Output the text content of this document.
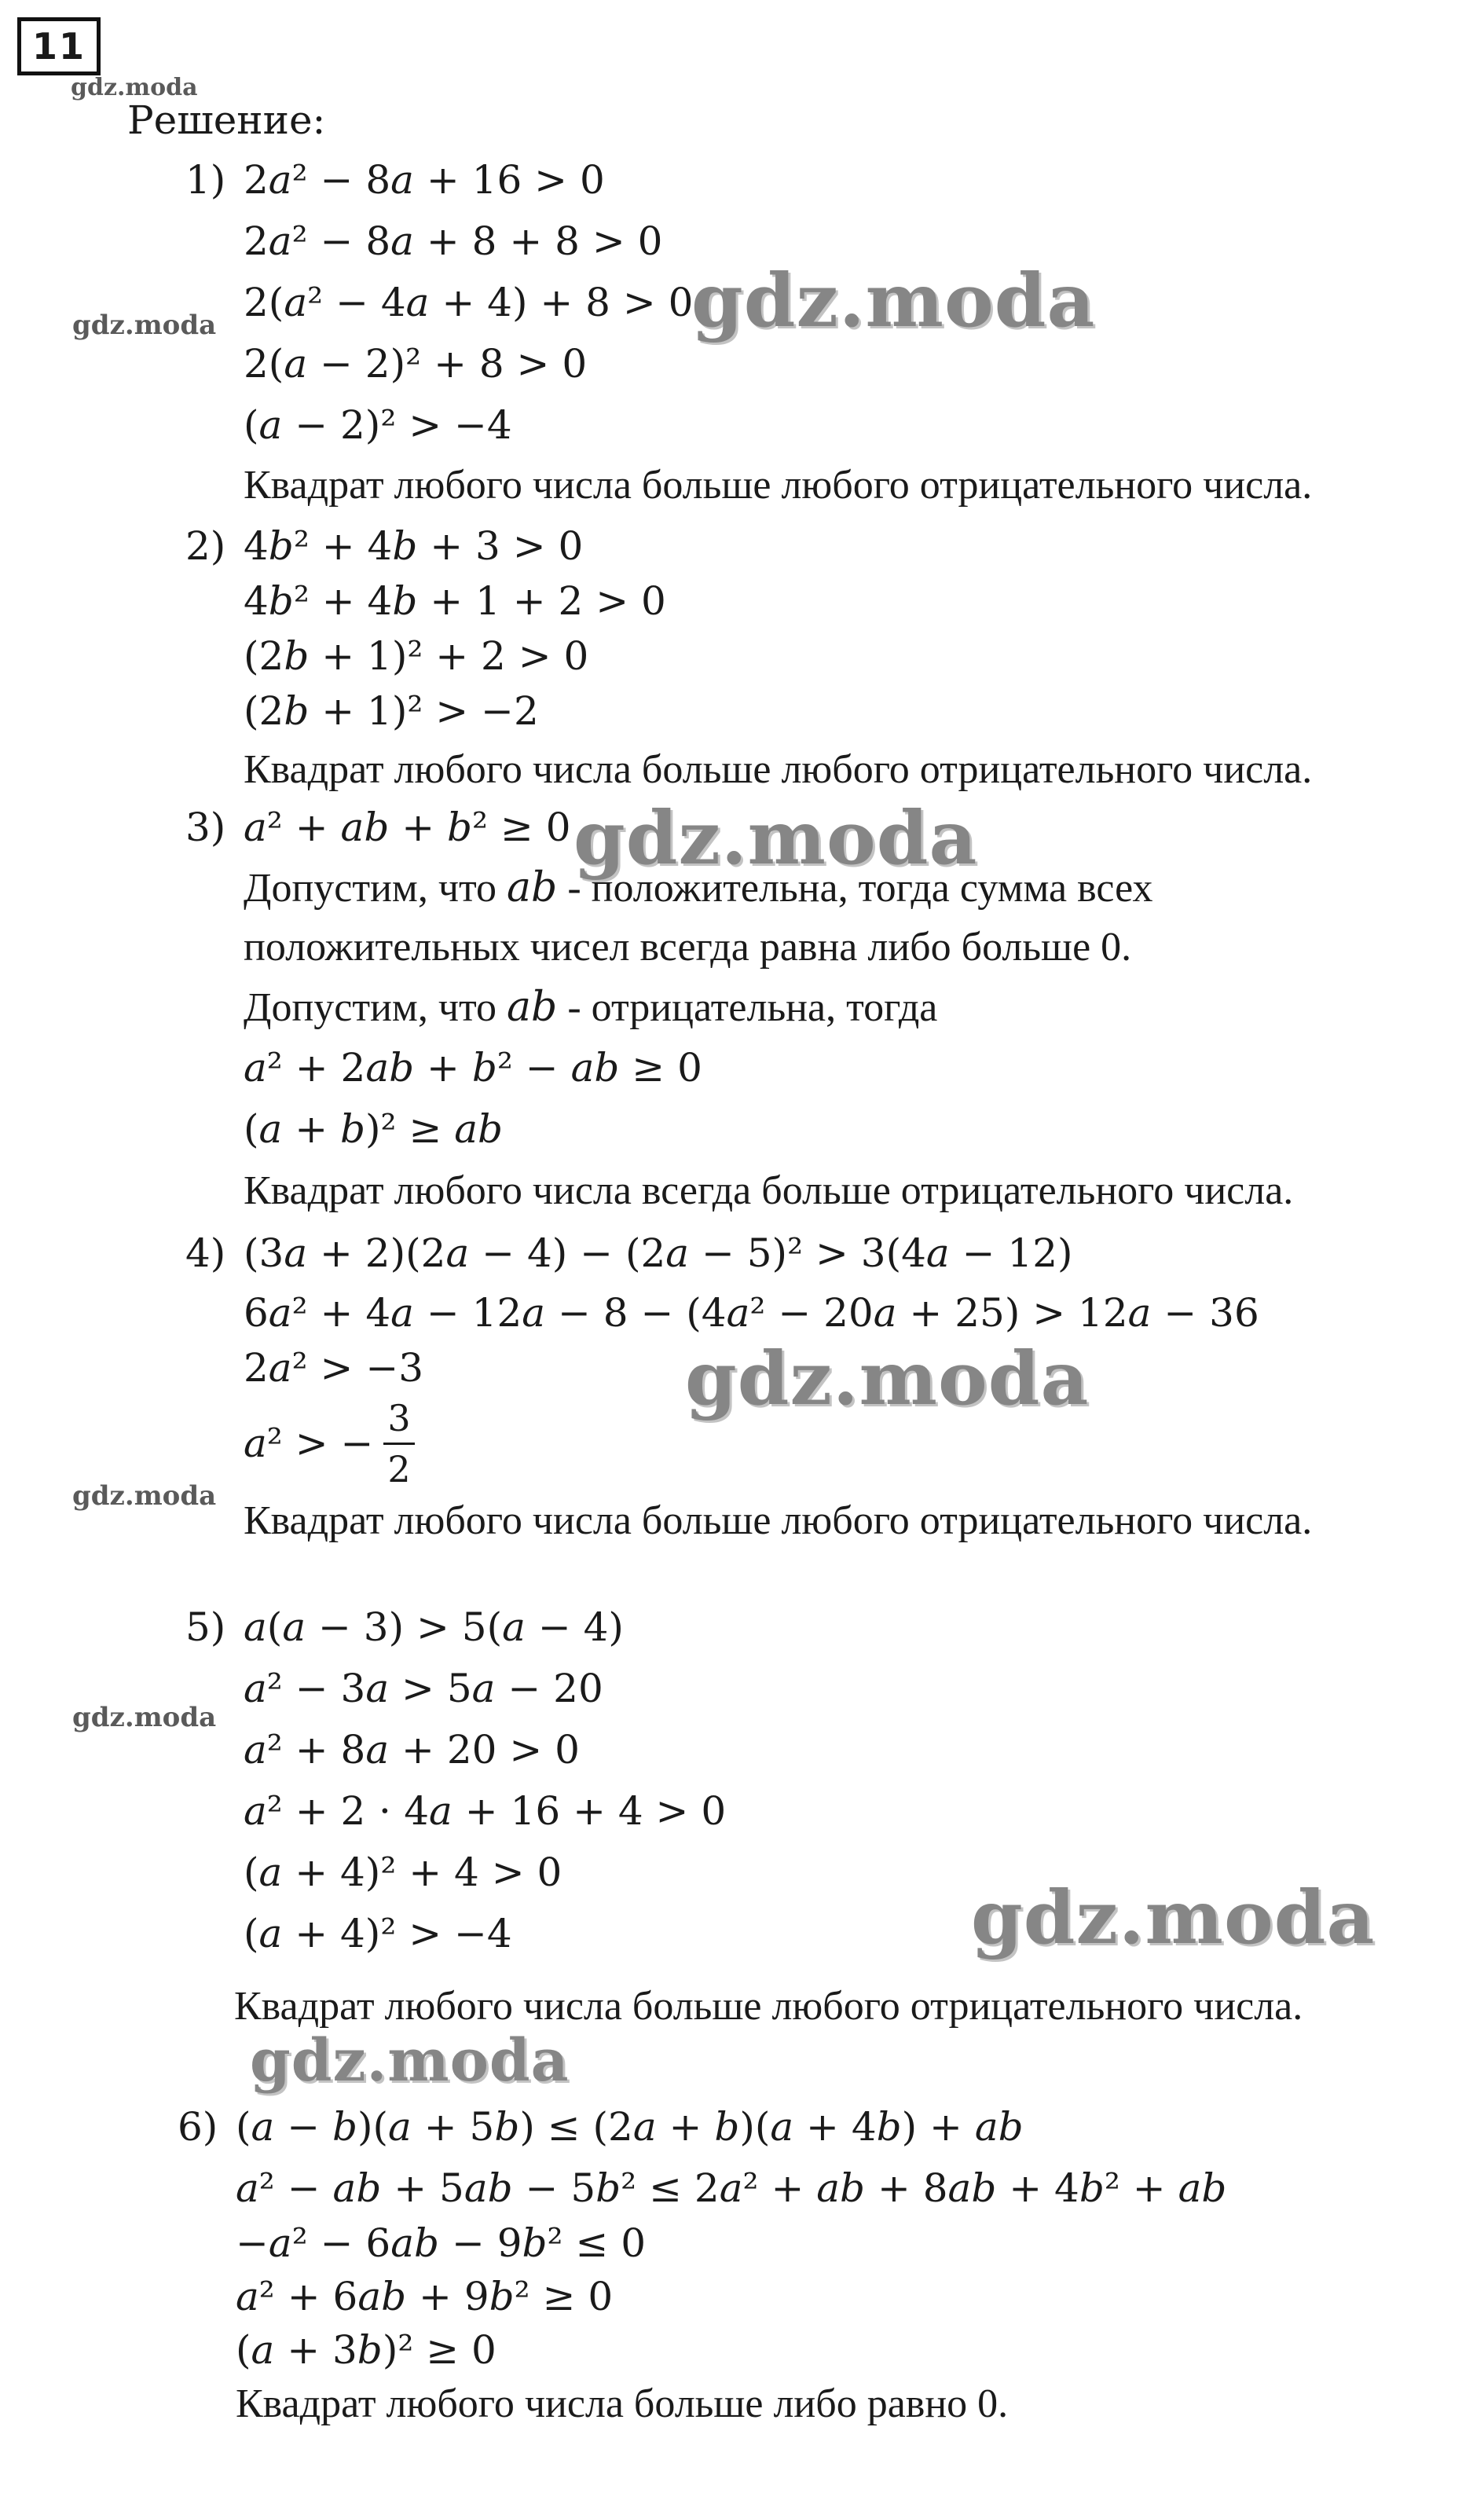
11
gdz.moda
Решение:
1) 2𝑎² − 8𝑎 + 16 > 0
2𝑎² − 8𝑎 + 8 + 8 > 0
2(𝑎² − 4𝑎 + 4) + 8 > 0
2(𝑎 − 2)² + 8 > 0
(𝑎 − 2)² > −4
Квадрат любого числа больше любого отрицательного числа.
2) 4𝑏² + 4𝑏 + 3 > 0
4𝑏² + 4𝑏 + 1 + 2 > 0
(2𝑏 + 1)² + 2 > 0
(2𝑏 + 1)² > −2
Квадрат любого числа больше любого отрицательного числа.
3) 𝑎² + 𝑎𝑏 + 𝑏² ≥ 0
Допустим, что 𝑎𝑏 - положительна, тогда сумма всех
положительных чисел всегда равна либо больше 0.
Допустим, что 𝑎𝑏 - отрицательна, тогда
𝑎² + 2𝑎𝑏 + 𝑏² − 𝑎𝑏 ≥ 0
(𝑎 + 𝑏)² ≥ 𝑎𝑏
Квадрат любого числа всегда больше отрицательного числа.
4) (3𝑎 + 2)(2𝑎 − 4) − (2𝑎 − 5)² > 3(4𝑎 − 12)
6𝑎² + 4𝑎 − 12𝑎 − 8 − (4𝑎² − 20𝑎 + 25) > 12𝑎 − 36
2𝑎² > −3
𝑎² > −
3
2
Квадрат любого числа больше любого отрицательного числа.
5) 𝑎(𝑎 − 3) > 5(𝑎 − 4)
𝑎² − 3𝑎 > 5𝑎 − 20
𝑎² + 8𝑎 + 20 > 0
𝑎² + 2 ⋅ 4𝑎 + 16 + 4 > 0
(𝑎 + 4)² + 4 > 0
(𝑎 + 4)² > −4
Квадрат любого числа больше любого отрицательного числа.
6) (𝑎 − 𝑏)(𝑎 + 5𝑏) ≤ (2𝑎 + 𝑏)(𝑎 + 4𝑏) + 𝑎𝑏
𝑎² − 𝑎𝑏 + 5𝑎𝑏 − 5𝑏² ≤ 2𝑎² + 𝑎𝑏 + 8𝑎𝑏 + 4𝑏² + 𝑎𝑏
−𝑎² − 6𝑎𝑏 − 9𝑏² ≤ 0
𝑎² + 6𝑎𝑏 + 9𝑏² ≥ 0
(𝑎 + 3𝑏)² ≥ 0
Квадрат любого числа больше либо равно 0.
gdz.moda
gdz.moda
gdz.moda
gdz.moda
gdz.moda
gdz.moda
gdz.moda
gdz.moda
